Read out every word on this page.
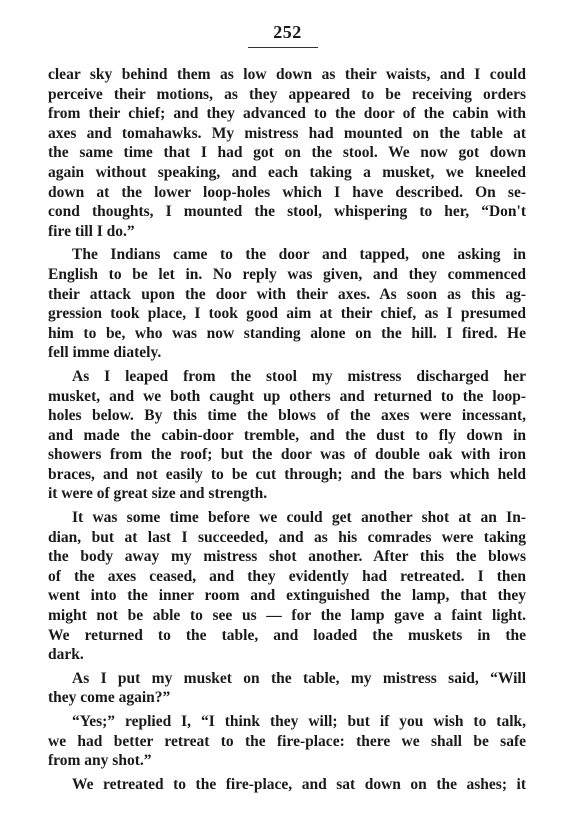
252
clear sky behind them as low down as their waists, and I could
perceive their motions, as they appeared to be receiving orders
from their chief; and they advanced to the door of the cabin with
axes and tomahawks. My mistress had mounted on the table at
the same time that I had got on the stool. We now got down
again without speaking, and each taking a musket, we kneeled
down at the lower loop-holes which I have described. On se-
cond thoughts, I mounted the stool, whispering to her, “Don't
fire till I do.”
The Indians came to the door and tapped, one asking in
English to be let in. No reply was given, and they commenced
their attack upon the door with their axes. As soon as this ag-
gression took place, I took good aim at their chief, as I presumed
him to be, who was now standing alone on the hill. I fired. He
fell imme diately.
As I leaped from the stool my mistress discharged her
musket, and we both caught up others and returned to the loop-
holes below. By this time the blows of the axes were incessant,
and made the cabin-door tremble, and the dust to fly down in
showers from the roof; but the door was of double oak with iron
braces, and not easily to be cut through; and the bars which held
it were of great size and strength.
It was some time before we could get another shot at an In-
dian, but at last I succeeded, and as his comrades were taking
the body away my mistress shot another. After this the blows
of the axes ceased, and they evidently had retreated. I then
went into the inner room and extinguished the lamp, that they
might not be able to see us — for the lamp gave a faint light.
We returned to the table, and loaded the muskets in the
dark.
As I put my musket on the table, my mistress said, “Will
they come again?”
“Yes;” replied I, “I think they will; but if you wish to talk,
we had better retreat to the fire-place: there we shall be safe
from any shot.”
We retreated to the fire-place, and sat down on the ashes; it
